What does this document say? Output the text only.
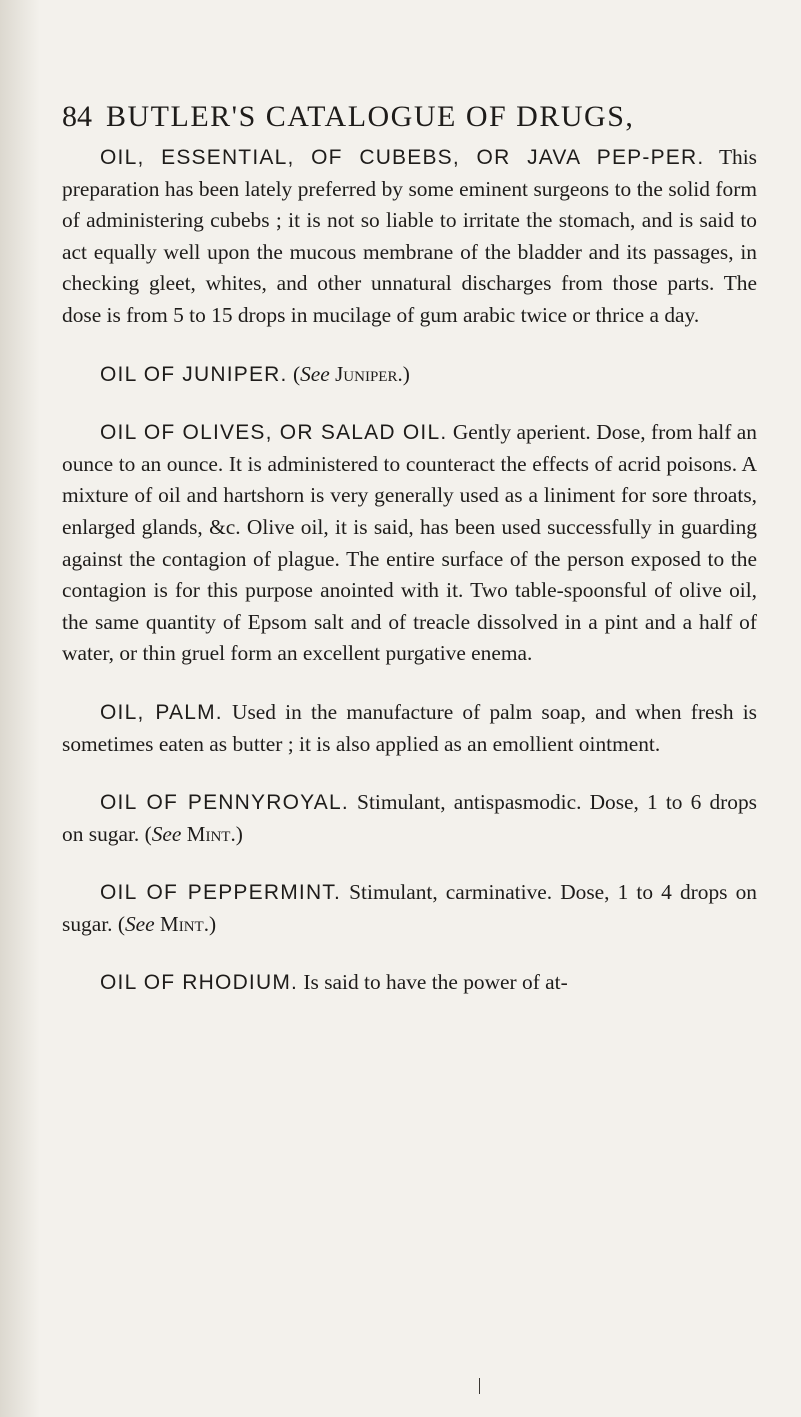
84 BUTLER'S CATALOGUE OF DRUGS,

OIL, ESSENTIAL, OF CUBEBS, OR JAVA PEP-PER. This preparation has been lately preferred by some eminent surgeons to the solid form of administering cubebs ; it is not so liable to irritate the stomach, and is said to act equally well upon the mucous membrane of the bladder and its passages, in checking gleet, whites, and other unnatural discharges from those parts. The dose is from 5 to 15 drops in mucilage of gum arabic twice or thrice a day.

OIL OF JUNIPER. (See Juniper.)

OIL OF OLIVES, OR SALAD OIL. Gently aperient. Dose, from half an ounce to an ounce. It is administered to counteract the effects of acrid poisons. A mixture of oil and hartshorn is very generally used as a liniment for sore throats, enlarged glands, &c. Olive oil, it is said, has been used successfully in guarding against the contagion of plague. The entire surface of the person exposed to the contagion is for this purpose anointed with it. Two table-spoonsful of olive oil, the same quantity of Epsom salt and of treacle dissolved in a pint and a half of water, or thin gruel form an excellent purgative enema.

OIL, PALM. Used in the manufacture of palm soap, and when fresh is sometimes eaten as butter ; it is also applied as an emollient ointment.

OIL OF PENNYROYAL. Stimulant, antispasmodic. Dose, 1 to 6 drops on sugar. (See Mint.)

OIL OF PEPPERMINT. Stimulant, carminative. Dose, 1 to 4 drops on sugar. (See Mint.)

OIL OF RHODIUM. Is said to have the power of at-
